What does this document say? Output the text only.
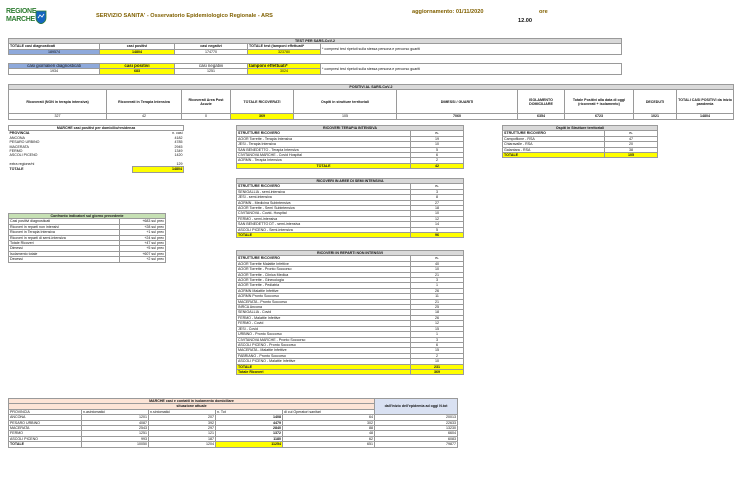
REGIONE
MARCHE	SERVIZIO SANITA' - Osservatorio Epidemiologico Regionale - ARS
aggiornamento: 01/11/2020	ore
12.00
TEST PER SARS-CoV-2				
TOTALE casi diagnosticati	casi positivi	casi negativi	TOTALE test (tamponi effettuati*	* compresi test ripetuti sulla stessa persona e percorso guariti
189574	14804	174770	323780	
casi giornalieri diagnosticati	casi positivi	casi negativi	tamponi effettuati*	* compresi test ripetuti sulla stessa persona e percorso guariti
1934	683	1251	3024	
POSITIVI AL SARS-CoV-2									
Ricoverati (NON in terapia intensiva)	Ricoverati in Terapia Intensiva	Ricoverati Area Post Acuzie	TOTALE RICOVERATI	Ospiti in strutture territoriali	DIMESSI / GUARITI	ISOLAMENTO DOMICILIARE	Totale Positivi alla data di oggi (ricoverati + isolamento)	DECEDUTI	TOTALI CASI POSITIVI da inizio pandemia
327	42	0	369	105	7060	6354	6723	1021	14804
MARCHE casi positivi per domicilio/residenza	
PROVINCIA	n. casi
ANCONA	4182
PESARO URBINO	4785
MACERATA	2945
FERMO	1349
ASCOLI PICENO	1420

extra regione/ni	129
TOTALE	14804
Confronto indicatori sul giorno precedente	
Casi positivi diagnosticati	+683 sul prec
Ricoveri in reparti non intensivi	+28 sul prec
Ricoveri in Terapia Intensiva	+1 sul prec
Ricoveri in reparti di semi-intensiva	+24 sul prec
Totale Ricoveri	+47 sul prec
Dimessi	+5 sul prec
Isolamento totale	+607 sul prec
Decessi	+2 sul prec
RICOVERI TERAPIA INTENSIVA	
STRUTTURE RICOVERO	n.
AOOR Torrette - Terapia Intensiva	19
JESI - Terapia Intensiva	10
SAN BENEDETTO - Terapia Intensiva	5
CIVITANOVA MARCHE - Covid Hospital	6
AORMN - Terapia Intensiva	2
TOTALE	42
RICOVERI IN AREE DI SEMI INTENSIVA	
STRUTTURE RICOVERO	n.
SENIGALLIA - semi-intensiva	3
JESI - semi-intensiva	8
AORMN - Medicina Subintensiva	27
AOOR Torrette - Semi Subintensiva	18
CIVITANOVA - Covid- Hospital	10
FERMO - semi-intensiva	12
SAN BENEDETTO DT - semi-intensiva	14
ASCOLI PICENO - Semi-intensiva	5
TOTALE	96
RICOVERI IN REPARTI NON INTENSIVI	
STRUTTURE RICOVERO	n.
AOOR Torrette Malattie Infettive	40
AOOR Torrette - Pronto Soccorso	10
AOOR Torrette - Clinica Medica	21
AOOR Torrette - Ginecologia	3
AOOR Torrette - Pediatria	1
AORMN Malattie Infettive	26
AORMN Pronto Soccorso	11
MACERATA - Pronto Soccorso	21
INRCA Ancona	25
SENIGALLIA - Covid	18
FERMO - Malattie Infettive	26
FERMO - Covid	12
JESI - Covid	15
URBINO - Pronto Soccorso	1
CIVITANOVA MARCHE - Pronto Soccorso	3
ASCOLI PICENO - Pronto Soccorso	6
MACERATA - Malattie Infettive	15
FABRIANO - Pronto Soccorso	2
ASCOLI PICENO - Malattie Infettive	10
TOTALE	231
Totale Ricoveri	369
Ospiti in Strutture territoriali	
STRUTTURE RICOVERO	n.
Campofilone - RSA	47
Chiaravalle - RSA	20
Galantara - RSA	38
TOTALE	105
MARCHE casi e contatti in isolamento domiciliare					dall'inizio dell'epidemia ad oggi N.tot
situazione attuale					
PROVINCIA	n.asintomatici	n.sintomatici	n. Tot	di cui Operatori sanitari	
ANCONA	1201	207	1408	64	20013
PESARO URBINO	4087	392	4479	302	22633
MACERATA	2543	297	2840	88	13230
FERMO	1251	121	1372	48	6604
ASCOLI PICENO	993	187	1180	62	6083
TOTALE	10050	1204	11254	651	79877
